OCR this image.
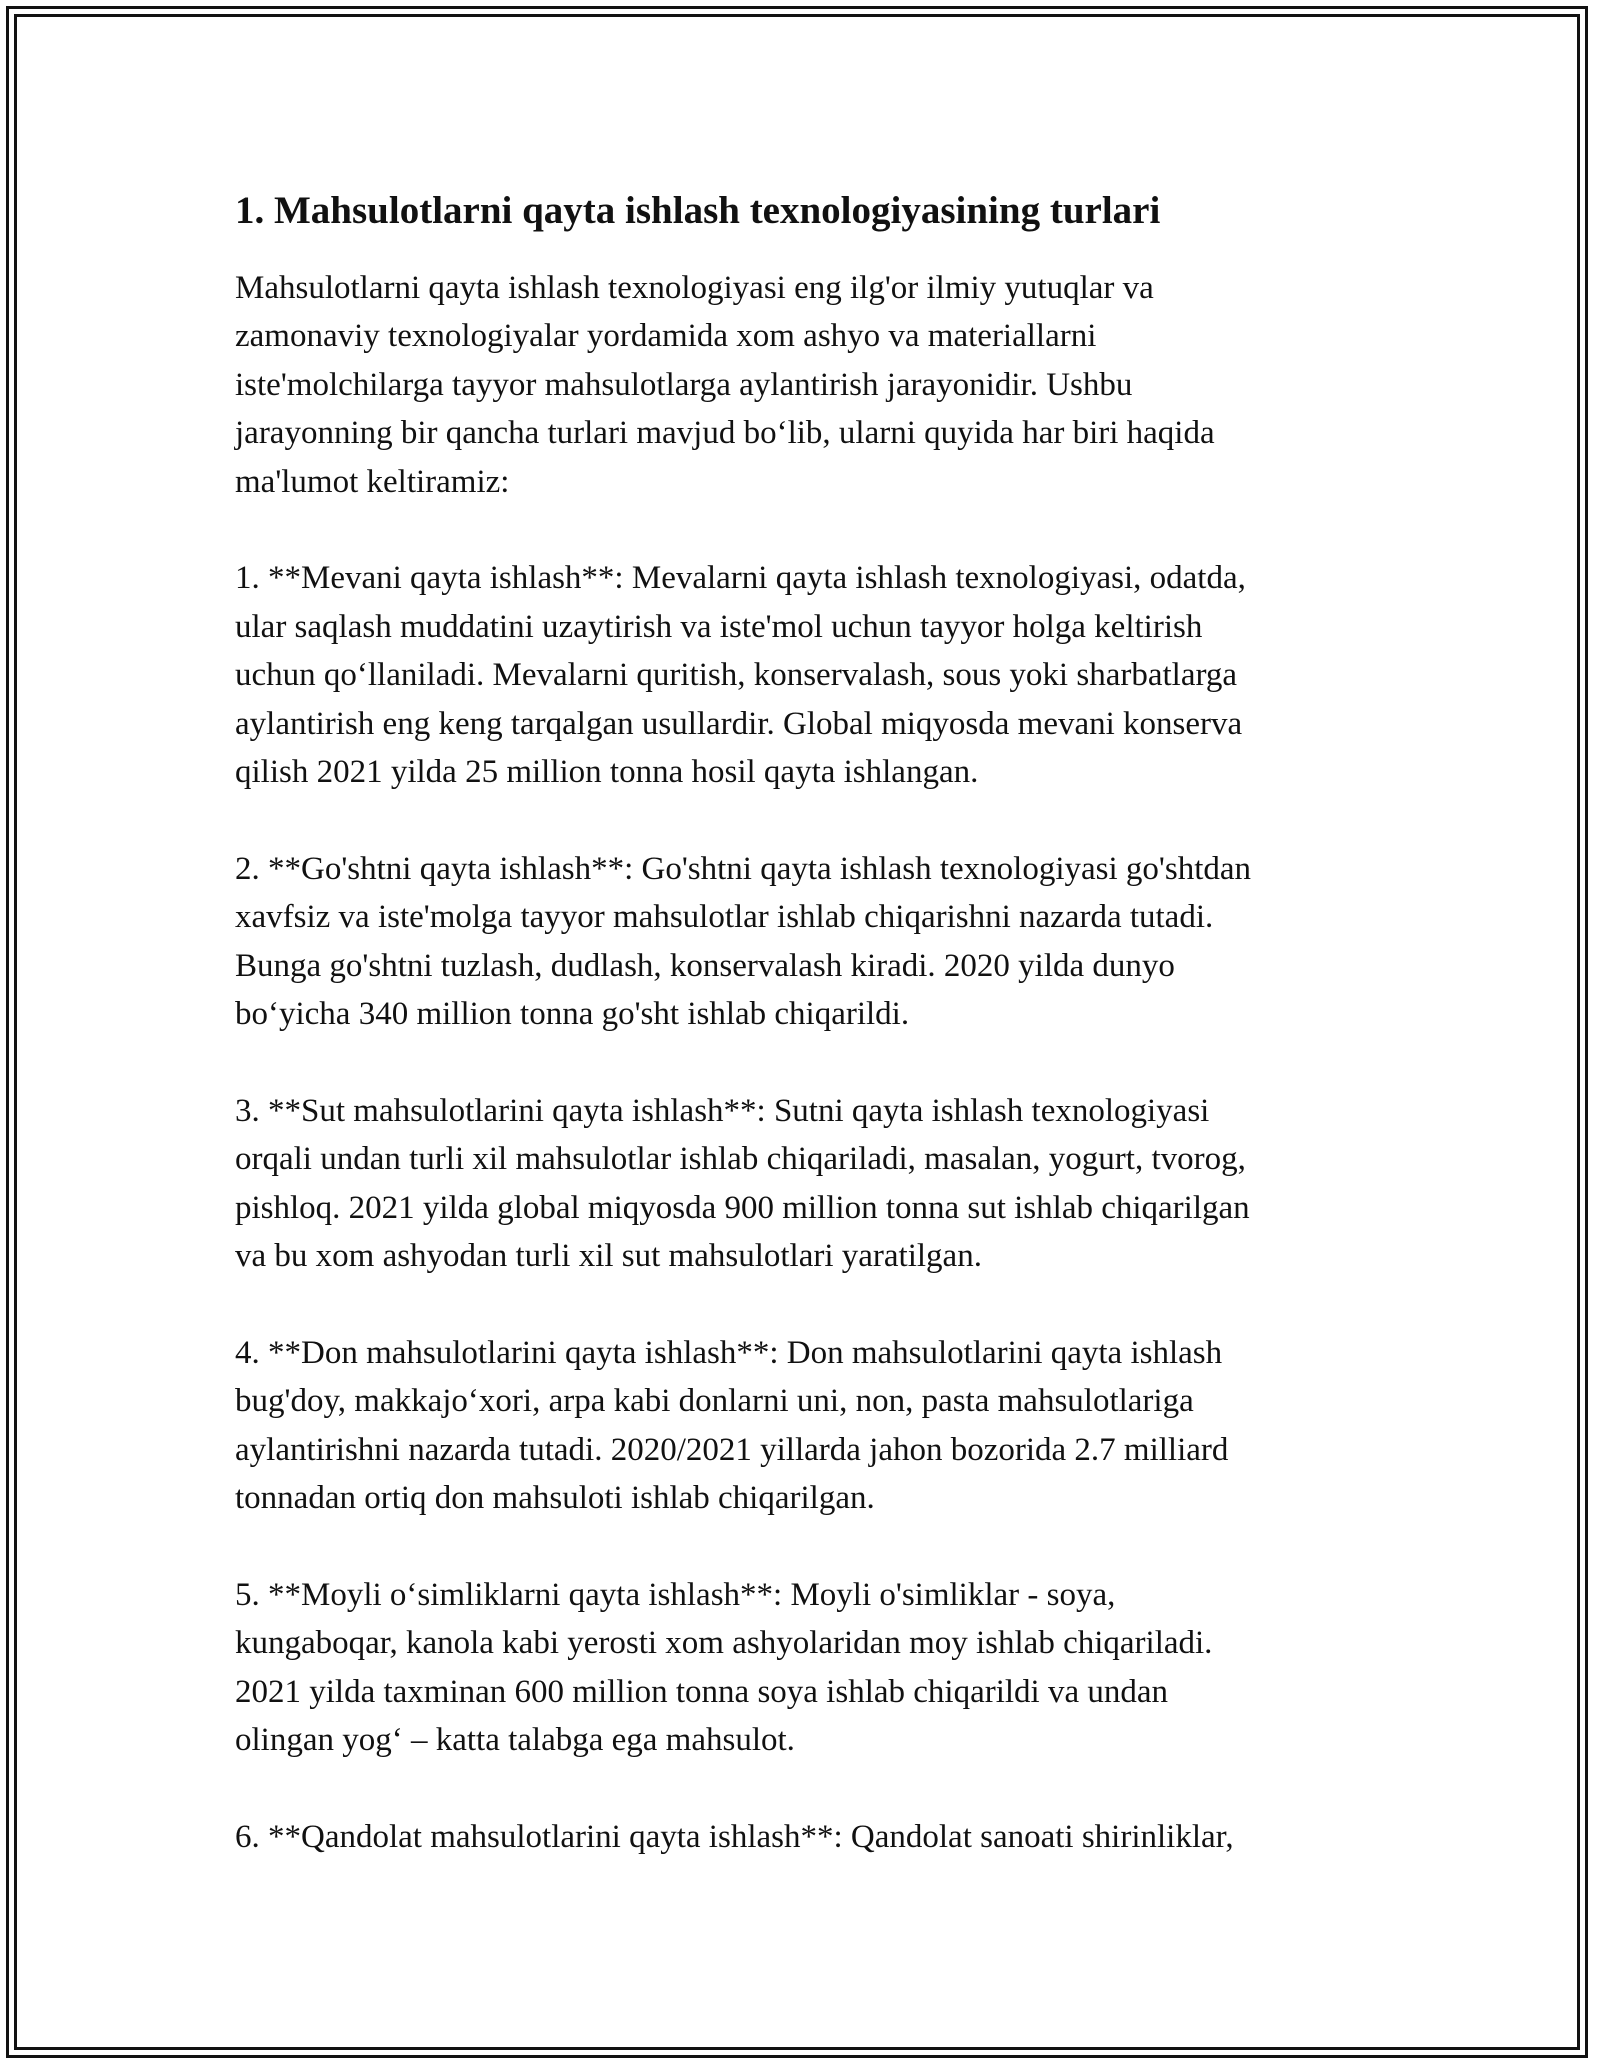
1. Mahsulotlarni qayta ishlash texnologiyasining turlari

Mahsulotlarni qayta ishlash texnologiyasi eng ilg'or ilmiy yutuqlar va
zamonaviy texnologiyalar yordamida xom ashyo va materiallarni
iste'molchilarga tayyor mahsulotlarga aylantirish jarayonidir. Ushbu
jarayonning bir qancha turlari mavjud bo‘lib, ularni quyida har biri haqida
ma'lumot keltiramiz:

1. **Mevani qayta ishlash**: Mevalarni qayta ishlash texnologiyasi, odatda,
ular saqlash muddatini uzaytirish va iste'mol uchun tayyor holga keltirish
uchun qo‘llaniladi. Mevalarni quritish, konservalash, sous yoki sharbatlarga
aylantirish eng keng tarqalgan usullardir. Global miqyosda mevani konserva
qilish 2021 yilda 25 million tonna hosil qayta ishlangan.

2. **Go'shtni qayta ishlash**: Go'shtni qayta ishlash texnologiyasi go'shtdan
xavfsiz va iste'molga tayyor mahsulotlar ishlab chiqarishni nazarda tutadi.
Bunga go'shtni tuzlash, dudlash, konservalash kiradi. 2020 yilda dunyo
bo‘yicha 340 million tonna go'sht ishlab chiqarildi.

3. **Sut mahsulotlarini qayta ishlash**: Sutni qayta ishlash texnologiyasi
orqali undan turli xil mahsulotlar ishlab chiqariladi, masalan, yogurt, tvorog,
pishloq. 2021 yilda global miqyosda 900 million tonna sut ishlab chiqarilgan
va bu xom ashyodan turli xil sut mahsulotlari yaratilgan.

4. **Don mahsulotlarini qayta ishlash**: Don mahsulotlarini qayta ishlash
bug'doy, makkajo‘xori, arpa kabi donlarni uni, non, pasta mahsulotlariga
aylantirishni nazarda tutadi. 2020/2021 yillarda jahon bozorida 2.7 milliard
tonnadan ortiq don mahsuloti ishlab chiqarilgan.

5. **Moyli o‘simliklarni qayta ishlash**: Moyli o'simliklar - soya,
kungaboqar, kanola kabi yerosti xom ashyolaridan moy ishlab chiqariladi.
2021 yilda taxminan 600 million tonna soya ishlab chiqarildi va undan
olingan yog‘ – katta talabga ega mahsulot.

6. **Qandolat mahsulotlarini qayta ishlash**: Qandolat sanoati shirinliklar,
